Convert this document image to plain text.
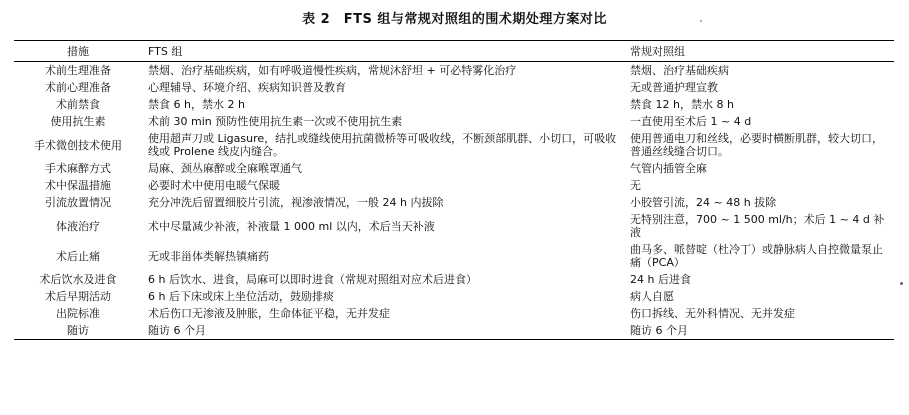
表 2　FTS 组与常规对照组的围术期处理方案对比
措施	FTS 组	常规对照组
术前生理准备	禁烟、治疗基础疾病，如有呼吸道慢性疾病，常规沐舒坦 + 可必特雾化治疗	禁烟、治疗基础疾病
术前心理准备	心理辅导、环境介绍、疾病知识普及教育	无或普通护理宣教
术前禁食	禁食 6 h，禁水 2 h	禁食 12 h，禁水 8 h
使用抗生素	术前 30 min 预防性使用抗生素一次或不使用抗生素	一直使用至术后 1 ~ 4 d
手术微创技术使用	使用超声刀或 Ligasure，结扎或缝线使用抗菌微桥等可吸收线，不断颈部肌群、小切口，可吸收线或 Prolene 线皮内缝合。	使用普通电刀和丝线，必要时横断肌群，较大切口，普通丝线缝合切口。
手术麻醉方式	局麻、颈丛麻醉或全麻喉罩通气	气管内插管全麻
术中保温措施	必要时术中使用电暖气保暖	无
引流放置情况	充分冲洗后留置细胶片引流，视渗液情况，一般 24 h 内拔除	小胶管引流，24 ~ 48 h 拔除
体液治疗	术中尽量减少补液，补液量 1 000 ml 以内，术后当天补液	无特别注意，700 ~ 1 500 ml/h；术后 1 ~ 4 d 补液
术后止痛	无或非甾体类解热镇痛药	曲马多、哌替啶（杜冷丁）或静脉病人自控微量泵止痛（PCA）
术后饮水及进食	6 h 后饮水、进食，局麻可以即时进食（常规对照组对应术后进食）	24 h 后进食
术后早期活动	6 h 后下床或床上坐位活动，鼓励排痰	病人自愿
出院标准	术后伤口无渗液及肿胀，生命体征平稳，无并发症	伤口拆线、无外科情况、无并发症
随访	随访 6 个月	随访 6 个月
